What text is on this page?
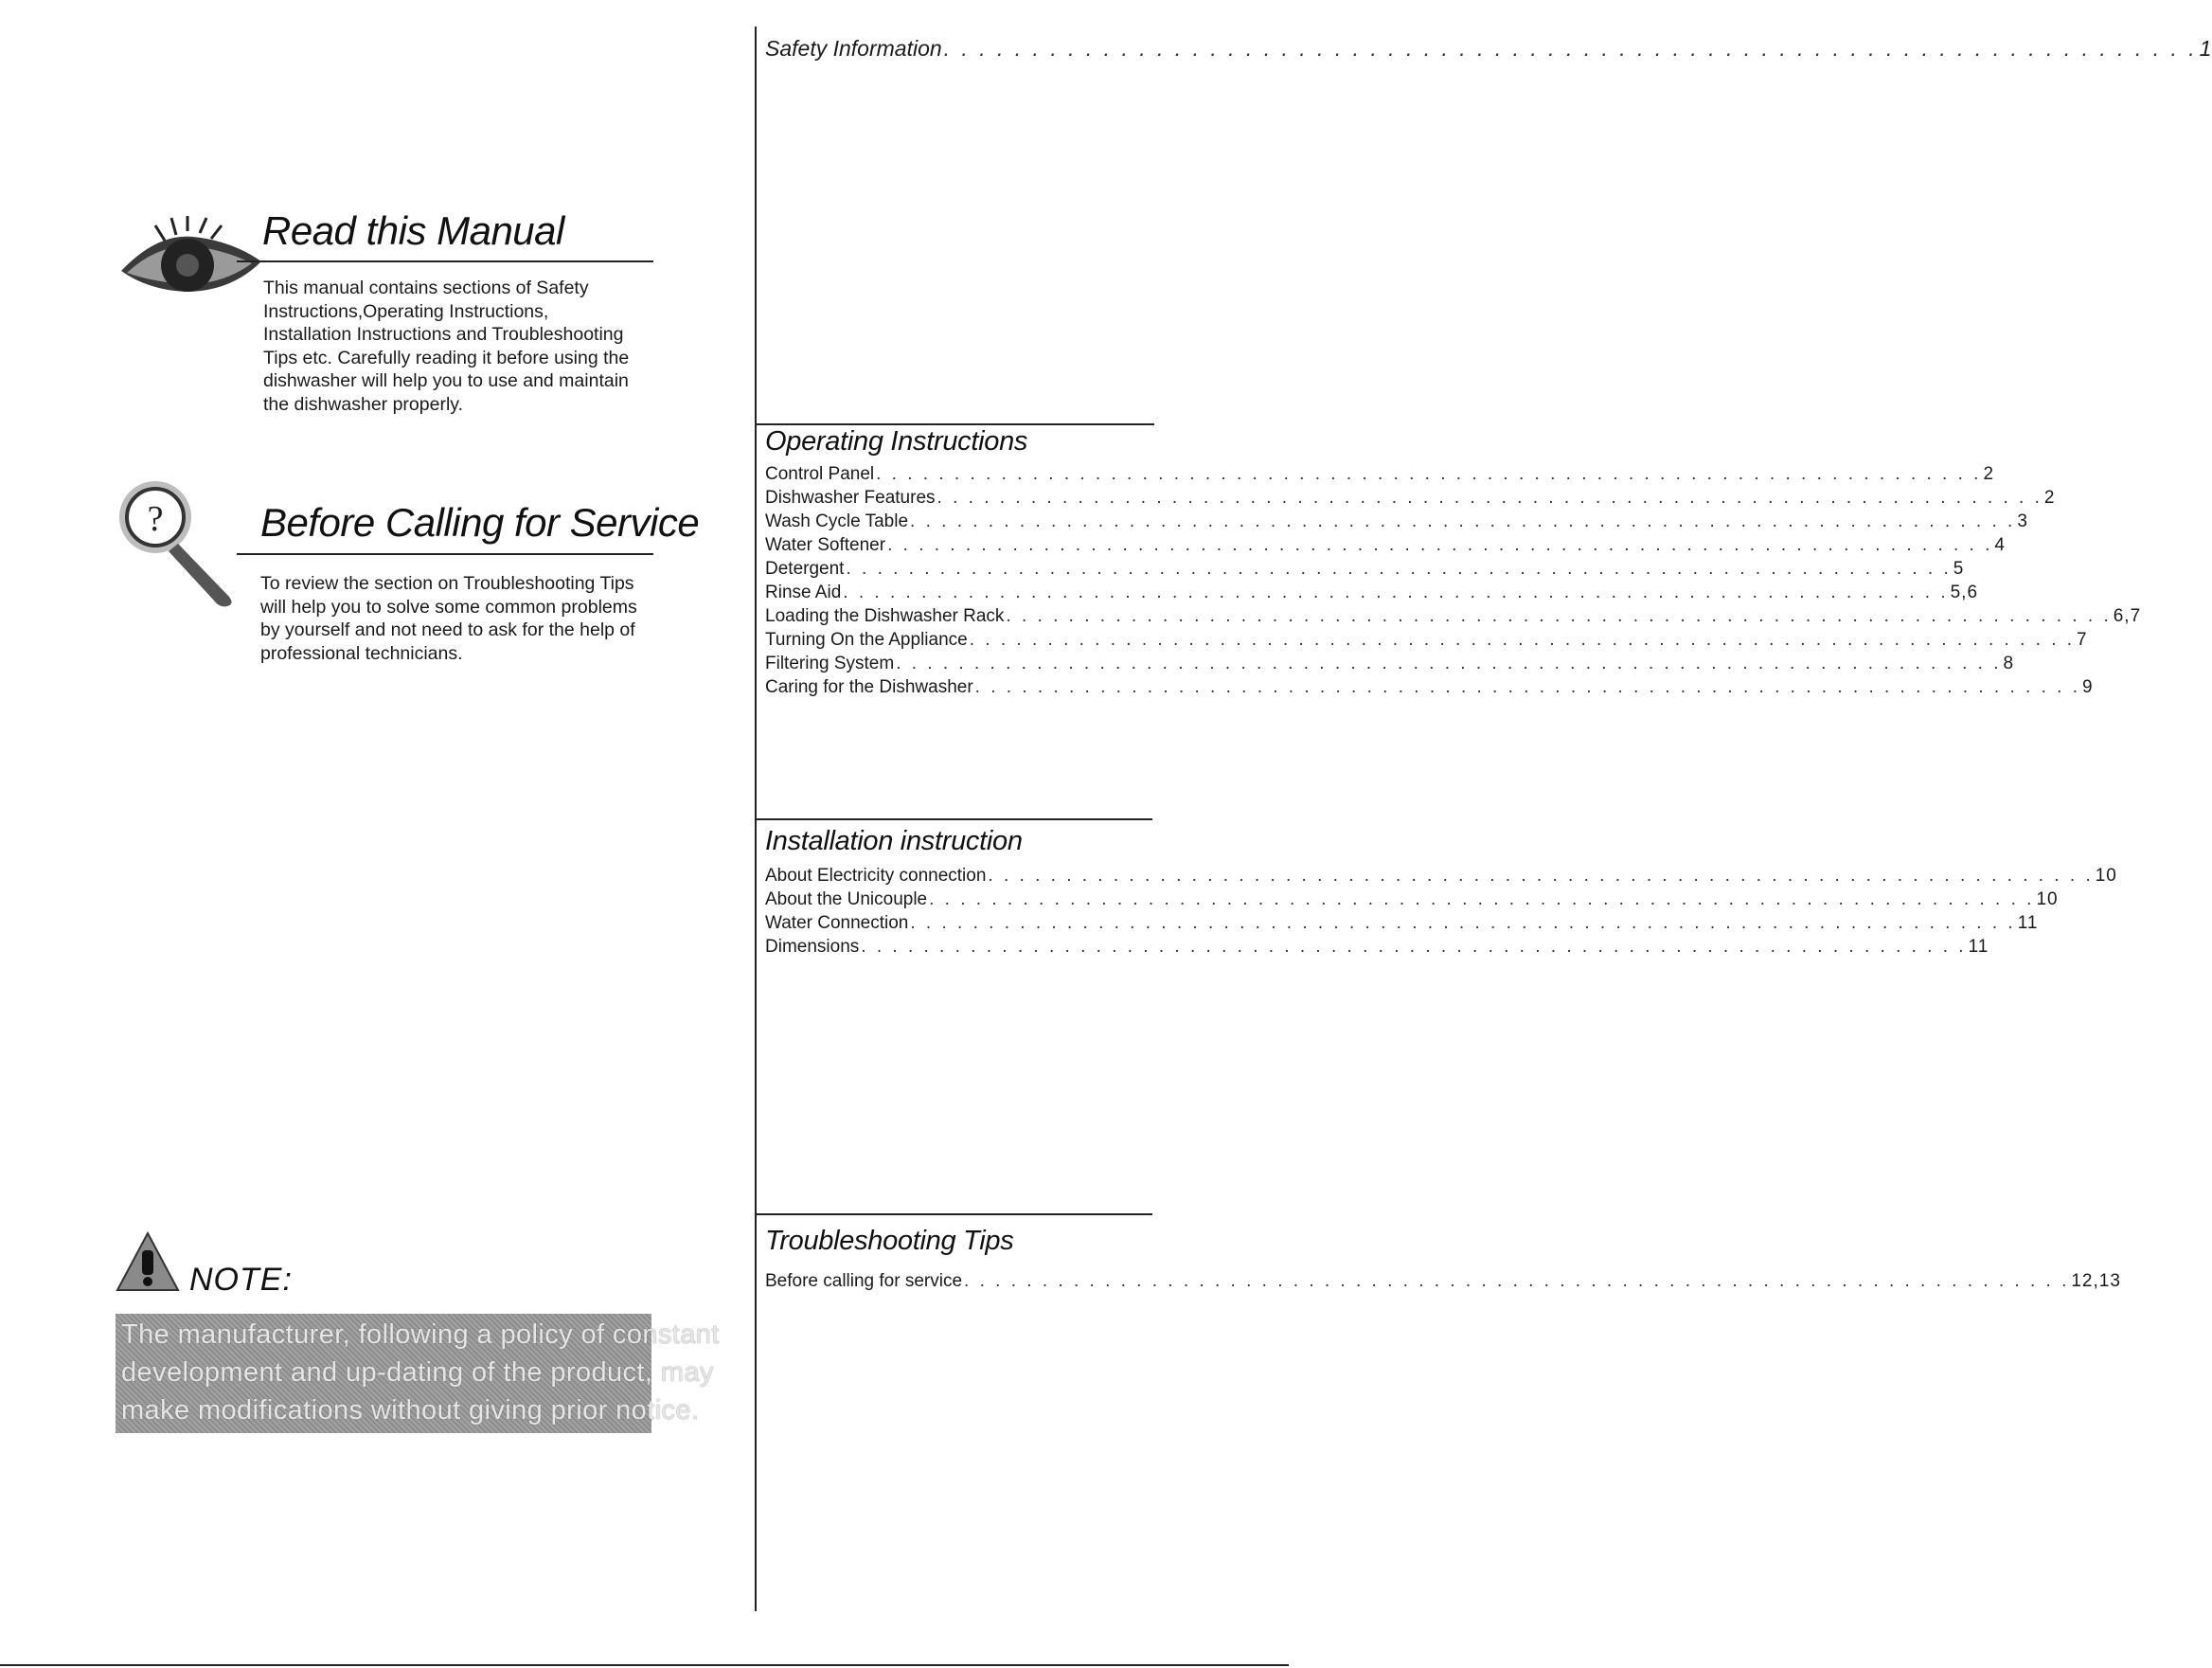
Read this Manual
This manual contains sections of Safety
Instructions,Operating Instructions,
Installation Instructions and Troubleshooting
Tips etc. Carefully reading it before using the
dishwasher will help you to use and maintain
the dishwasher properly.
? Before Calling for Service
To review the section on Troubleshooting Tips
will help you to solve some common problems
by yourself and not need to ask for the help of
professional technicians.
NOTE:
The manufacturer, following a policy of constant
development and up-dating of the product, may
make modifications without giving prior notice.
Safety Information . . .	1
Operating Instructions
Control Panel . . .	2
Dishwasher Features . . .	2
Wash Cycle Table . . .	3
Water Softener . . .	4
Detergent . . .	5
Rinse Aid . . .	5,6
Loading the Dishwasher Rack . . .	6,7
Turning On the Appliance . . .	7
Filtering System . . .	8
Caring for the Dishwasher . . .	9
Installation instruction
About Electricity connection . . .	10
About the Unicouple . . .	10
Water Connection . . .	11
Dimensions . . .	11
Troubleshooting Tips
Before calling for service . . .	12,13
